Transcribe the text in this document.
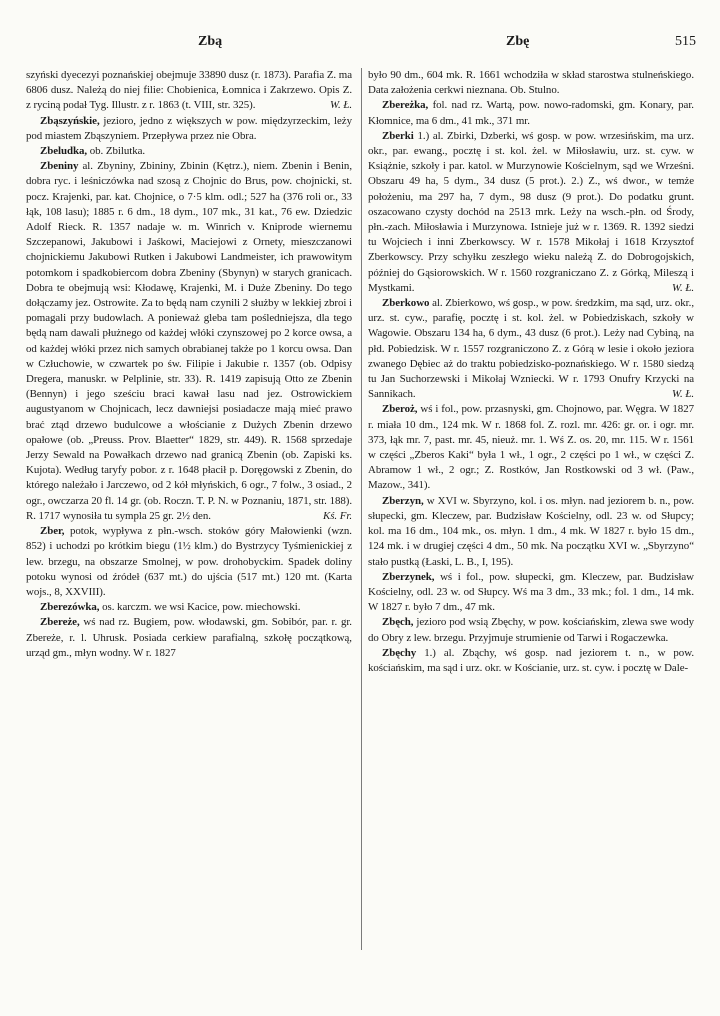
Zbą	Zbę	515

szyński dyecezyi poznańskiej obejmuje 33890 dusz (r. 1873). Parafia Z. ma 6806 dusz. Należą do niej filie: Chobienica, Łomnica i Zakrzewo. Opis Z. z ryciną podał Tyg. Illustr. z r. 1863 (t. VIII, str. 325).	W. Ł.

Zbąszyńskie, jezioro, jedno z większych w pow. międzyrzeckim, leży pod miastem Zbąszyniem. Przepływa przez nie Obra.

Zbeludka, ob. Zbilutka.

Zbeniny al. Zbyniny, Zbininy, Zbinin (Kętrz.), niem. Zbenin i Benin, dobra ryc. i leśniczówka nad szosą z Chojnic do Brus, pow. chojnicki, st. pocz. Krajenki, par. kat. Chojnice, o 7·5 klm. odl.; 527 ha (376 roli or., 33 łąk, 108 lasu); 1885 r. 6 dm., 18 dym., 107 mk., 31 kat., 76 ew. Dziedzic Adolf Rieck. R. 1357 nadaje w. m. Winrich v. Kniprode wiernemu Szczepanowi, Jakubowi i Jaśkowi, Maciejowi z Ornety, mieszczanowi chojnickiemu Jakubowi Rutken i Jakubowi Landmeister, ich prawowitym potomkom i spadkobiercom dobra Zbeniny (Sbynyn) w starych granicach. Dobra te obejmują wsi: Kłodawę, Krajenki, M. i Duże Zbeniny. Do tego dołączamy jez. Ostrowite. Za to będą nam czynili 2 służby w lekkiej zbroi i pomagali przy budowlach. A ponieważ gleba tam pośledniejsza, dla tego będą nam dawali płużnego od każdej włóki czynszowej po 2 korce owsa, a od każdej włóki przez nich samych obrabianej także po 1 korcu owsa. Dan w Człuchowie, w czwartek po św. Filipie i Jakubie r. 1357 (ob. Odpisy Dregera, manuskr. w Pelplinie, str. 33). R. 1419 zapisują Otto ze Zbenin (Bennyn) i jego sześciu braci kawał lasu nad jez. Ostrowickiem augustyanom w Chojnicach, lecz dawniejsi posiadacze mają mieć prawo brać ztąd drzewo budulcowe a włościanie z Dużych Zbenin drzewo opałowe (ob. „Preuss. Prov. Blaetter“ 1829, str. 449). R. 1568 sprzedaje Jerzy Sewald na Powałkach drzewo nad granicą Zbenin (ob. Zapiski ks. Kujota). Według taryfy pobor. z r. 1648 płacił p. Doręgowski z Zbenin, do którego należało i Jarczewo, od 2 kół młyńskich, 6 ogr., 7 folw., 3 osiad., 2 ogr., owczarza 20 fl. 14 gr. (ob. Roczn. T. P. N. w Poznaniu, 1871, str. 188). R. 1717 wynosiła tu sympla 25 gr. 2½ den.	Kś. Fr.

Zber, potok, wypływa z płn.-wsch. stoków góry Małowienki (wzn. 852) i uchodzi po krótkim biegu (1½ klm.) do Bystrzycy Tyśmienickiej z lew. brzegu, na obszarze Smolnej, w pow. drohobyckim. Spadek doliny potoku wynosi od źródeł (637 mt.) do ujścia (517 mt.) 120 mt. (Karta wojs., 8, XXVIII).

Zberezówka, os. karczm. we wsi Kacice, pow. miechowski.

Zbereże, wś nad rz. Bugiem, pow. włodawski, gm. Sobibór, par. r. gr. Zbereże, r. l. Uhrusk. Posiada cerkiew parafialną, szkołę początkową, urząd gm., młyn wodny. W r. 1827

było 90 dm., 604 mk. R. 1661 wchodziła w skład starostwa stulneńskiego. Data założenia cerkwi nieznana. Ob. Stulno.

Zbereżka, fol. nad rz. Wartą, pow. nowo-radomski, gm. Konary, par. Kłomnice, ma 6 dm., 41 mk., 371 mr.

Zberki 1.) al. Zbirki, Dzberki, wś gosp. w pow. wrzesińskim, ma urz. okr., par. ewang., pocztę i st. kol. żel. w Miłosławiu, urz. st. cyw. w Książnie, szkoły i par. katol. w Murzynowie Kościelnym, sąd we Wrześni. Obszaru 49 ha, 5 dym., 34 dusz (5 prot.). 2.) Z., wś dwor., w temże położeniu, ma 297 ha, 7 dym., 98 dusz (9 prot.). Do podatku grunt. oszacowano czysty dochód na 2513 mrk. Leży na wsch.-płn. od Środy, płn.-zach. Miłosławia i Murzynowa. Istnieje już w r. 1369. R. 1392 siedzi tu Wojciech i inni Zberkowscy. W r. 1578 Mikołaj i 1618 Krzysztof Zberkowscy. Przy schyłku zeszłego wieku należą Z. do Dobrogojskich, później do Gąsiorowskich. W r. 1560 rozgraniczano Z. z Górką, Mileszą i Mystkami.	W. Ł.

Zberkowo al. Zbierkowo, wś gosp., w pow. średzkim, ma sąd, urz. okr., urz. st. cyw., parafię, pocztę i st. kol. żel. w Pobiedziskach, szkoły w Wagowie. Obszaru 134 ha, 6 dym., 43 dusz (6 prot.). Leży nad Cybiną, na płd. Pobiedzisk. W r. 1557 rozgraniczono Z. z Górą w lesie i około jeziora zwanego Dębiec aż do traktu pobiedzisko-poznańskiego. W r. 1580 siedzą tu Jan Suchorzewski i Mikołaj Wzniecki. W r. 1793 Onufry Krzycki na Sannikach.	W. Ł.

Zberoż, wś i fol., pow. przasnyski, gm. Chojnowo, par. Węgra. W 1827 r. miała 10 dm., 124 mk. W r. 1868 fol. Z. rozl. mr. 426: gr. or. i ogr. mr. 373, łąk mr. 7, past. mr. 45, nieuż. mr. 1. Wś Z. os. 20, mr. 115. W r. 1561 w części „Zberos Kaki“ była 1 wł., 1 ogr., 2 części po 1 wł., w części Z. Abramow 1 wł., 2 ogr.; Z. Rostków, Jan Rostkowski od 3 wł. (Paw., Mazow., 341).

Zberzyn, w XVI w. Sbyrzyno, kol. i os. młyn. nad jeziorem b. n., pow. słupecki, gm. Kleczew, par. Budzisław Kościelny, odl. 23 w. od Słupcy; kol. ma 16 dm., 104 mk., os. młyn. 1 dm., 4 mk. W 1827 r. było 15 dm., 124 mk. i w drugiej części 4 dm., 50 mk. Na początku XVI w. „Sbyrzyno“ stało pustką (Łaski, L. B., I, 195).

Zberzynek, wś i fol., pow. słupecki, gm. Kleczew, par. Budzisław Kościelny, odl. 23 w. od Słupcy. Wś ma 3 dm., 33 mk.; fol. 1 dm., 14 mk. W 1827 r. było 7 dm., 47 mk.

Zbęch, jezioro pod wsią Zbęchy, w pow. kościańskim, zlewa swe wody do Obry z lew. brzegu. Przyjmuje strumienie od Tarwi i Rogaczewka.

Zbęchy 1.) al. Zbąchy, wś gosp. nad jeziorem t. n., w pow. kościańskim, ma sąd i urz. okr. w Kościanie, urz. st. cyw. i pocztę w Dale-
